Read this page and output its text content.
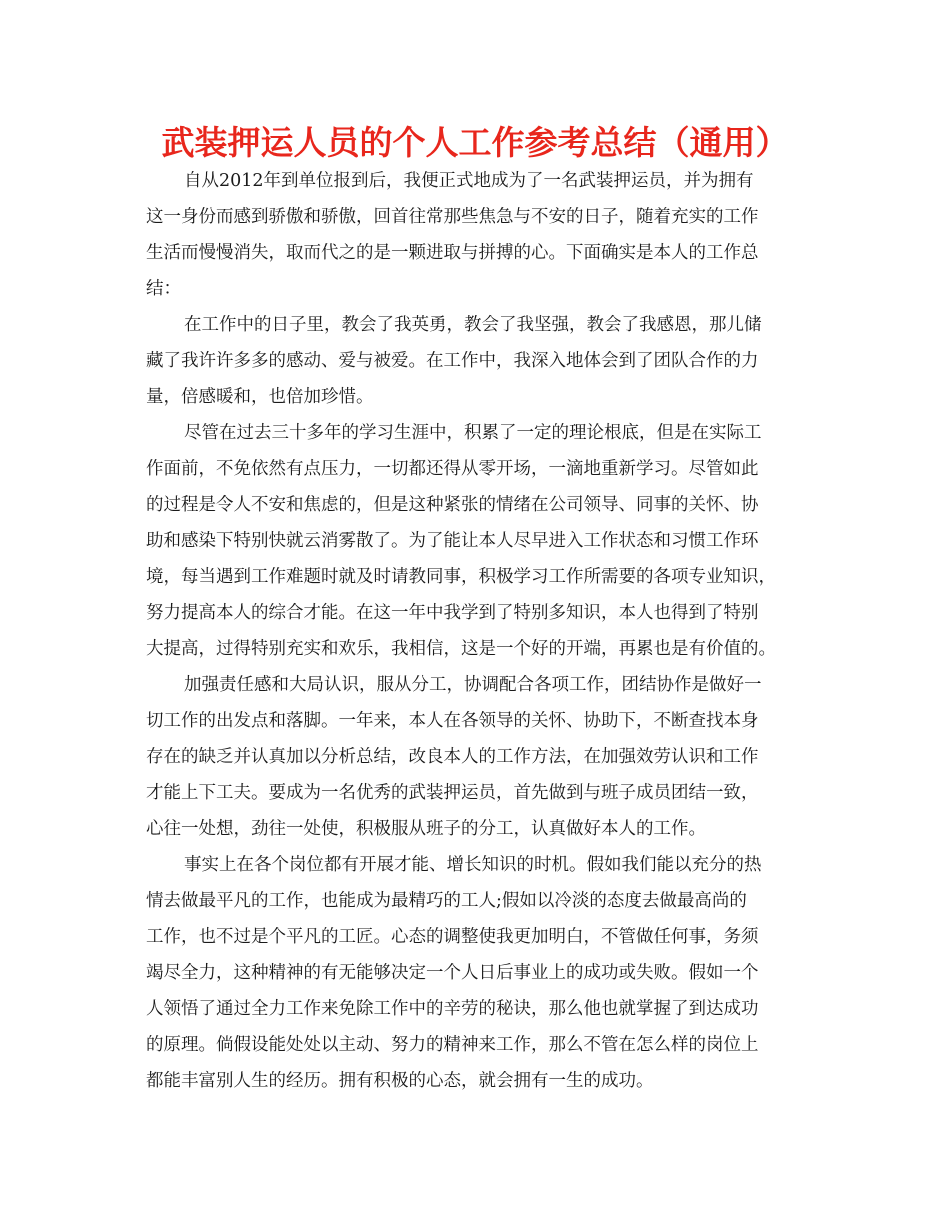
武装押运人员的个人工作参考总结（通用）
自从2012年到单位报到后，我便正式地成为了一名武装押运员，并为拥有
这一身份而感到骄傲和骄傲，回首往常那些焦急与不安的日子，随着充实的工作
生活而慢慢消失，取而代之的是一颗进取与拼搏的心。下面确实是本人的工作总
结：
在工作中的日子里，教会了我英勇，教会了我坚强，教会了我感恩，那儿储
藏了我许许多多的感动、爱与被爱。在工作中，我深入地体会到了团队合作的力
量，倍感暖和，也倍加珍惜。
尽管在过去三十多年的学习生涯中，积累了一定的理论根底，但是在实际工
作面前，不免依然有点压力，一切都还得从零开场，一滴地重新学习。尽管如此
的过程是令人不安和焦虑的，但是这种紧张的情绪在公司领导、同事的关怀、协
助和感染下特别快就云消雾散了。为了能让本人尽早进入工作状态和习惯工作环
境，每当遇到工作难题时就及时请教同事，积极学习工作所需要的各项专业知识，
努力提高本人的综合才能。在这一年中我学到了特别多知识，本人也得到了特别
大提高，过得特别充实和欢乐，我相信，这是一个好的开端，再累也是有价值的。
加强责任感和大局认识，服从分工，协调配合各项工作，团结协作是做好一
切工作的出发点和落脚。一年来，本人在各领导的关怀、协助下，不断查找本身
存在的缺乏并认真加以分析总结，改良本人的工作方法，在加强效劳认识和工作
才能上下工夫。要成为一名优秀的武装押运员，首先做到与班子成员团结一致，
心往一处想，劲往一处使，积极服从班子的分工，认真做好本人的工作。
事实上在各个岗位都有开展才能、增长知识的时机。假如我们能以充分的热
情去做最平凡的工作，也能成为最精巧的工人;假如以冷淡的态度去做最高尚的
工作，也不过是个平凡的工匠。心态的调整使我更加明白，不管做任何事，务须
竭尽全力，这种精神的有无能够决定一个人日后事业上的成功或失败。假如一个
人领悟了通过全力工作来免除工作中的辛劳的秘诀，那么他也就掌握了到达成功
的原理。倘假设能处处以主动、努力的精神来工作，那么不管在怎么样的岗位上
都能丰富别人生的经历。拥有积极的心态，就会拥有一生的成功。
